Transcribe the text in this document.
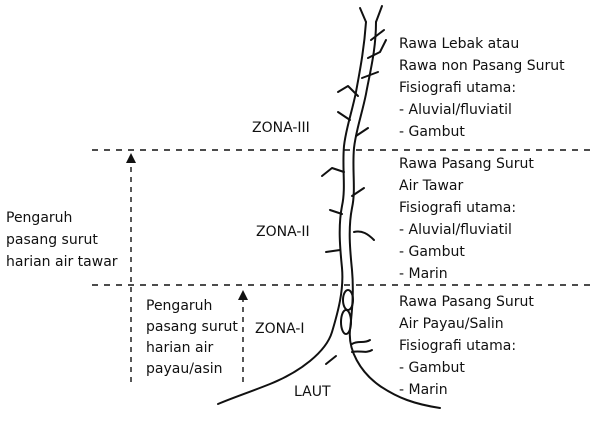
ZONA-III
ZONA-II
ZONA-I
LAUT
Pengaruh
pasang surut
harian air tawar
Pengaruh
pasang surut
harian air
payau/asin
Rawa Lebak atau
Rawa non Pasang Surut
Fisiografi utama:
- Aluvial/fluviatil
- Gambut
Rawa Pasang Surut
Air Tawar
Fisiografi utama:
- Aluvial/fluviatil
- Gambut
- Marin
Rawa Pasang Surut
Air Payau/Salin
Fisiografi utama:
- Gambut
- Marin
